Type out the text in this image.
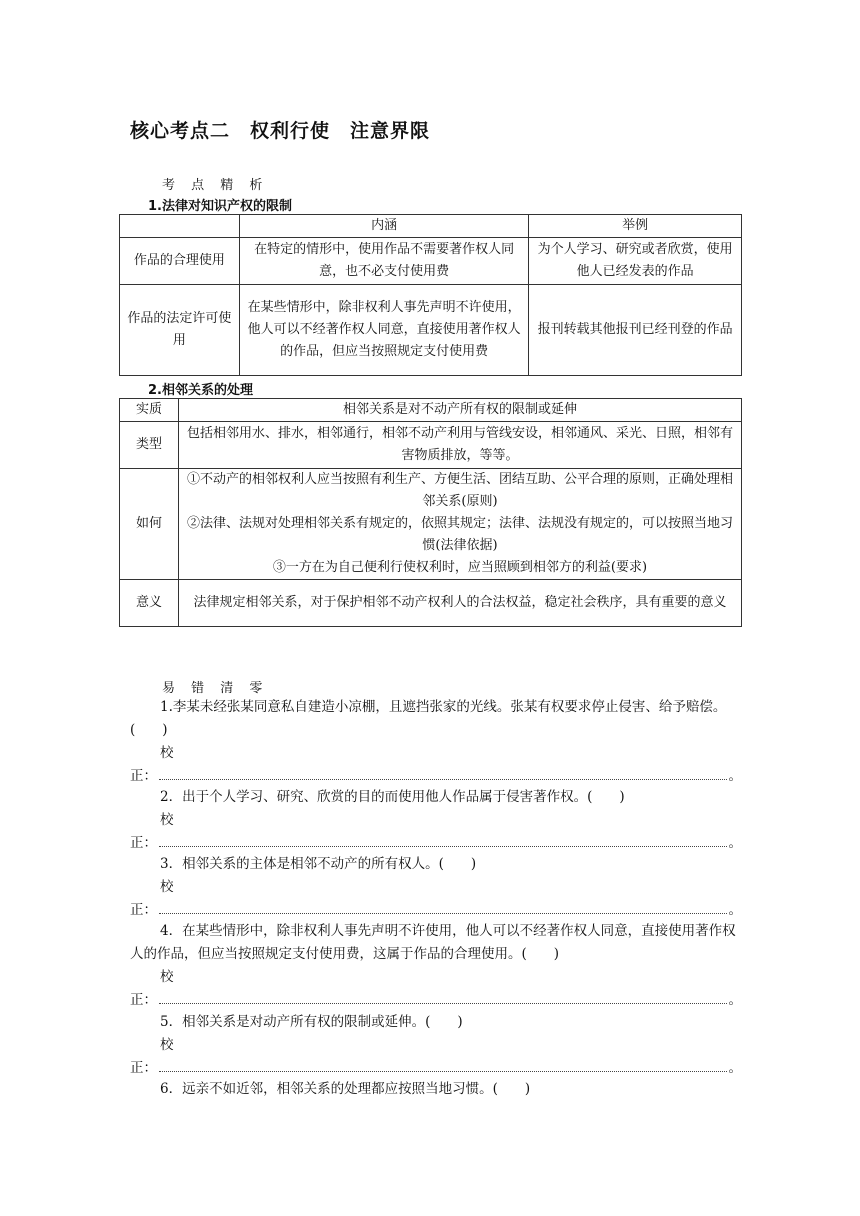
核心考点二　权利行使　注意界限
考 点 精 析
1.法律对知识产权的限制
	内涵	举例
作品的合理使用	在特定的情形中，使用作品不需要著作权人同意，也不必支付使用费	为个人学习、研究或者欣赏，使用他人已经发表的作品
作品的法定许可使用	在某些情形中，除非权利人事先声明不许使用，他人可以不经著作权人同意，直接使用著作权人的作品，但应当按照规定支付使用费	报刊转载其他报刊已经刊登的作品
2.相邻关系的处理
实质	相邻关系是对不动产所有权的限制或延伸
类型	包括相邻用水、排水，相邻通行，相邻不动产利用与管线安设，相邻通风、采光、日照，相邻有害物质排放，等等。
如何	①不动产的相邻权利人应当按照有利生产、方便生活、团结互助、公平合理的原则，正确处理相邻关系(原则)
②法律、法规对处理相邻关系有规定的，依照其规定；法律、法规没有规定的，可以按照当地习惯(法律依据)
③一方在为自己便利行使权利时，应当照顾到相邻方的利益(要求)

意义	法律规定相邻关系，对于保护相邻不动产权利人的合法权益，稳定社会秩序，具有重要的意义
易 错 清 零
1.李某未经张某同意私自建造小凉棚，且遮挡张家的光线。张某有权要求停止侵害、给予赔偿。(　　)
校
正：	。
2．出于个人学习、研究、欣赏的目的而使用他人作品属于侵害著作权。(　　)
校
正：	。
3．相邻关系的主体是相邻不动产的所有权人。(　　)
校
正：	。
4．在某些情形中，除非权利人事先声明不许使用，他人可以不经著作权人同意，直接使用著作权人的作品，但应当按照规定支付使用费，这属于作品的合理使用。(　　)
校
正：	。
5．相邻关系是对动产所有权的限制或延伸。(　　)
校
正：	。
6．远亲不如近邻，相邻关系的处理都应按照当地习惯。(　　)
